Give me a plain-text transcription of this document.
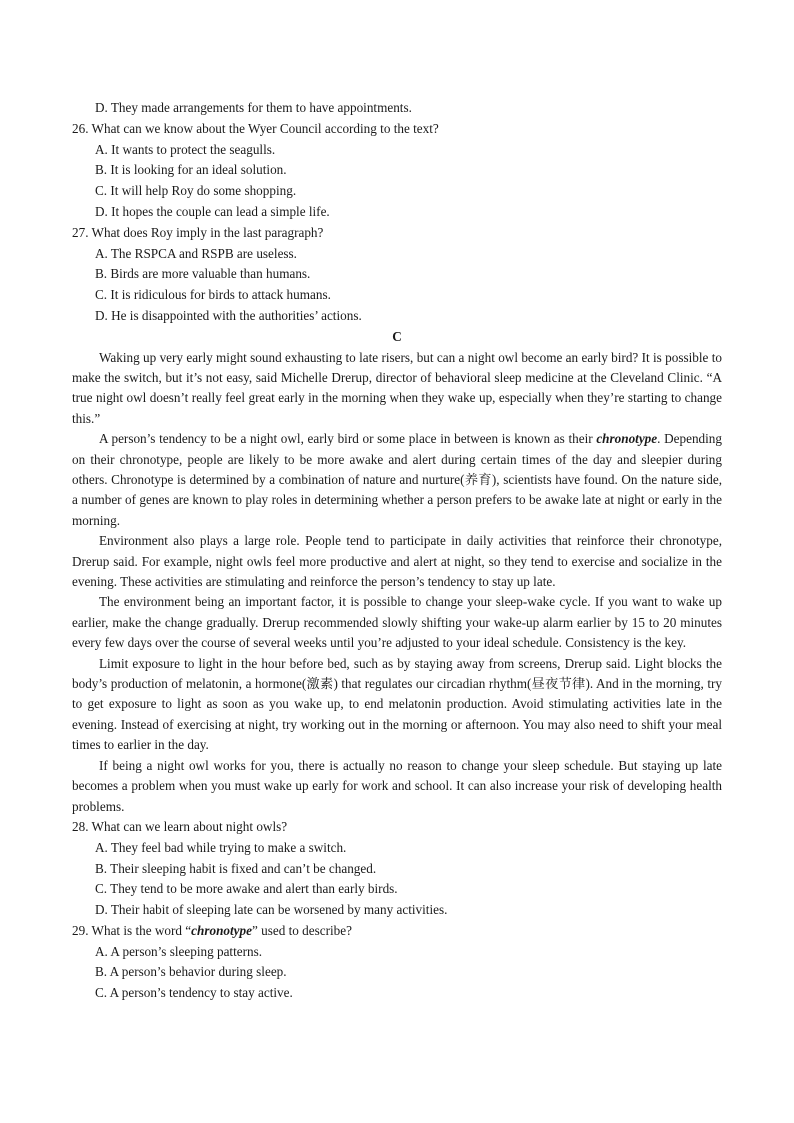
D. They made arrangements for them to have appointments.
26. What can we know about the Wyer Council according to the text?
A. It wants to protect the seagulls.
B. It is looking for an ideal solution.
C. It will help Roy do some shopping.
D. It hopes the couple can lead a simple life.
27. What does Roy imply in the last paragraph?
A. The RSPCA and RSPB are useless.
B. Birds are more valuable than humans.
C. It is ridiculous for birds to attack humans.
D. He is disappointed with the authorities’ actions.
C

Waking up very early might sound exhausting to late risers, but can a night owl become an early bird? It is possible to make the switch, but it’s not easy, said Michelle Drerup, director of behavioral sleep medicine at the Cleveland Clinic. “A true night owl doesn’t really feel great early in the morning when they wake up, especially when they’re starting to change this.”

A person’s tendency to be a night owl, early bird or some place in between is known as their chronotype. Depending on their chronotype, people are likely to be more awake and alert during certain times of the day and sleepier during others. Chronotype is determined by a combination of nature and nurture(养育), scientists have found. On the nature side, a number of genes are known to play roles in determining whether a person prefers to be awake late at night or early in the morning.

Environment also plays a large role. People tend to participate in daily activities that reinforce their chronotype, Drerup said. For example, night owls feel more productive and alert at night, so they tend to exercise and socialize in the evening. These activities are stimulating and reinforce the person’s tendency to stay up late.

The environment being an important factor, it is possible to change your sleep-wake cycle. If you want to wake up earlier, make the change gradually. Drerup recommended slowly shifting your wake-up alarm earlier by 15 to 20 minutes every few days over the course of several weeks until you’re adjusted to your ideal schedule. Consistency is the key.

Limit exposure to light in the hour before bed, such as by staying away from screens, Drerup said. Light blocks the body’s production of melatonin, a hormone(激素) that regulates our circadian rhythm(昼夜节律). And in the morning, try to get exposure to light as soon as you wake up, to end melatonin production. Avoid stimulating activities late in the evening. Instead of exercising at night, try working out in the morning or afternoon. You may also need to shift your meal times to earlier in the day.

If being a night owl works for you, there is actually no reason to change your sleep schedule. But staying up late becomes a problem when you must wake up early for work and school. It can also increase your risk of developing health problems.

28. What can we learn about night owls?
A. They feel bad while trying to make a switch.
B. Their sleeping habit is fixed and can’t be changed.
C. They tend to be more awake and alert than early birds.
D. Their habit of sleeping late can be worsened by many activities.
29. What is the word “chronotype” used to describe?
A. A person’s sleeping patterns.
B. A person’s behavior during sleep.
C. A person’s tendency to stay active.
